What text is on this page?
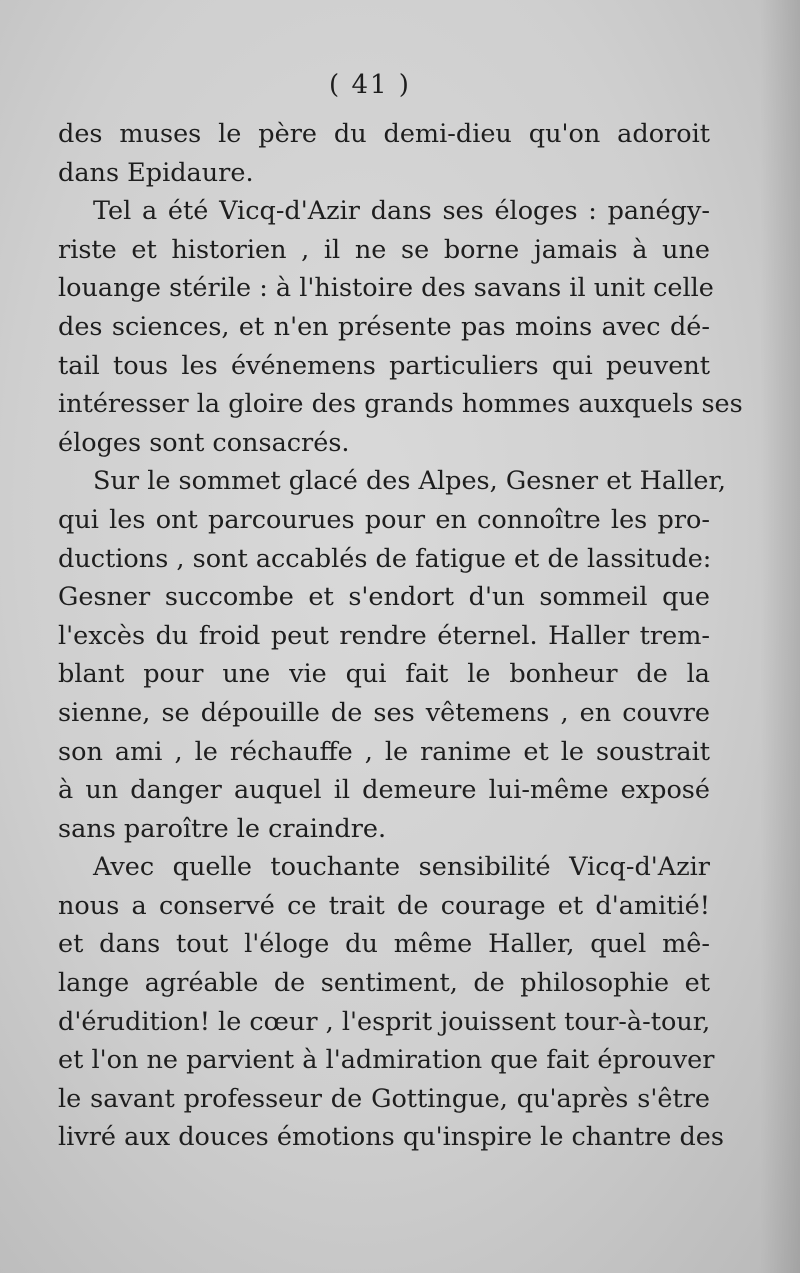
( 41 )
des muses le père du demi-dieu qu'on adoroit
dans Epidaure.
Tel a été Vicq-d'Azir dans ses éloges : panégy-
riste et historien , il ne se borne jamais à une
louange stérile : à l'histoire des savans il unit celle
des sciences, et n'en présente pas moins avec dé-
tail tous les événemens particuliers qui peuvent
intéresser la gloire des grands hommes auxquels ses
éloges sont consacrés.
Sur le sommet glacé des Alpes, Gesner et Haller,
qui les ont parcourues pour en connoître les pro-
ductions , sont accablés de fatigue et de lassitude:
Gesner succombe et s'endort d'un sommeil que
l'excès du froid peut rendre éternel. Haller trem-
blant pour une vie qui fait le bonheur de la
sienne, se dépouille de ses vêtemens , en couvre
son ami , le réchauffe , le ranime et le soustrait
à un danger auquel il demeure lui-même exposé
sans paroître le craindre.
Avec quelle touchante sensibilité Vicq-d'Azir
nous a conservé ce trait de courage et d'amitié!
et dans tout l'éloge du même Haller, quel mê-
lange agréable de sentiment, de philosophie et
d'érudition! le cœur , l'esprit jouissent tour-à-tour,
et l'on ne parvient à l'admiration que fait éprouver
le savant professeur de Gottingue, qu'après s'être
livré aux douces émotions qu'inspire le chantre des
